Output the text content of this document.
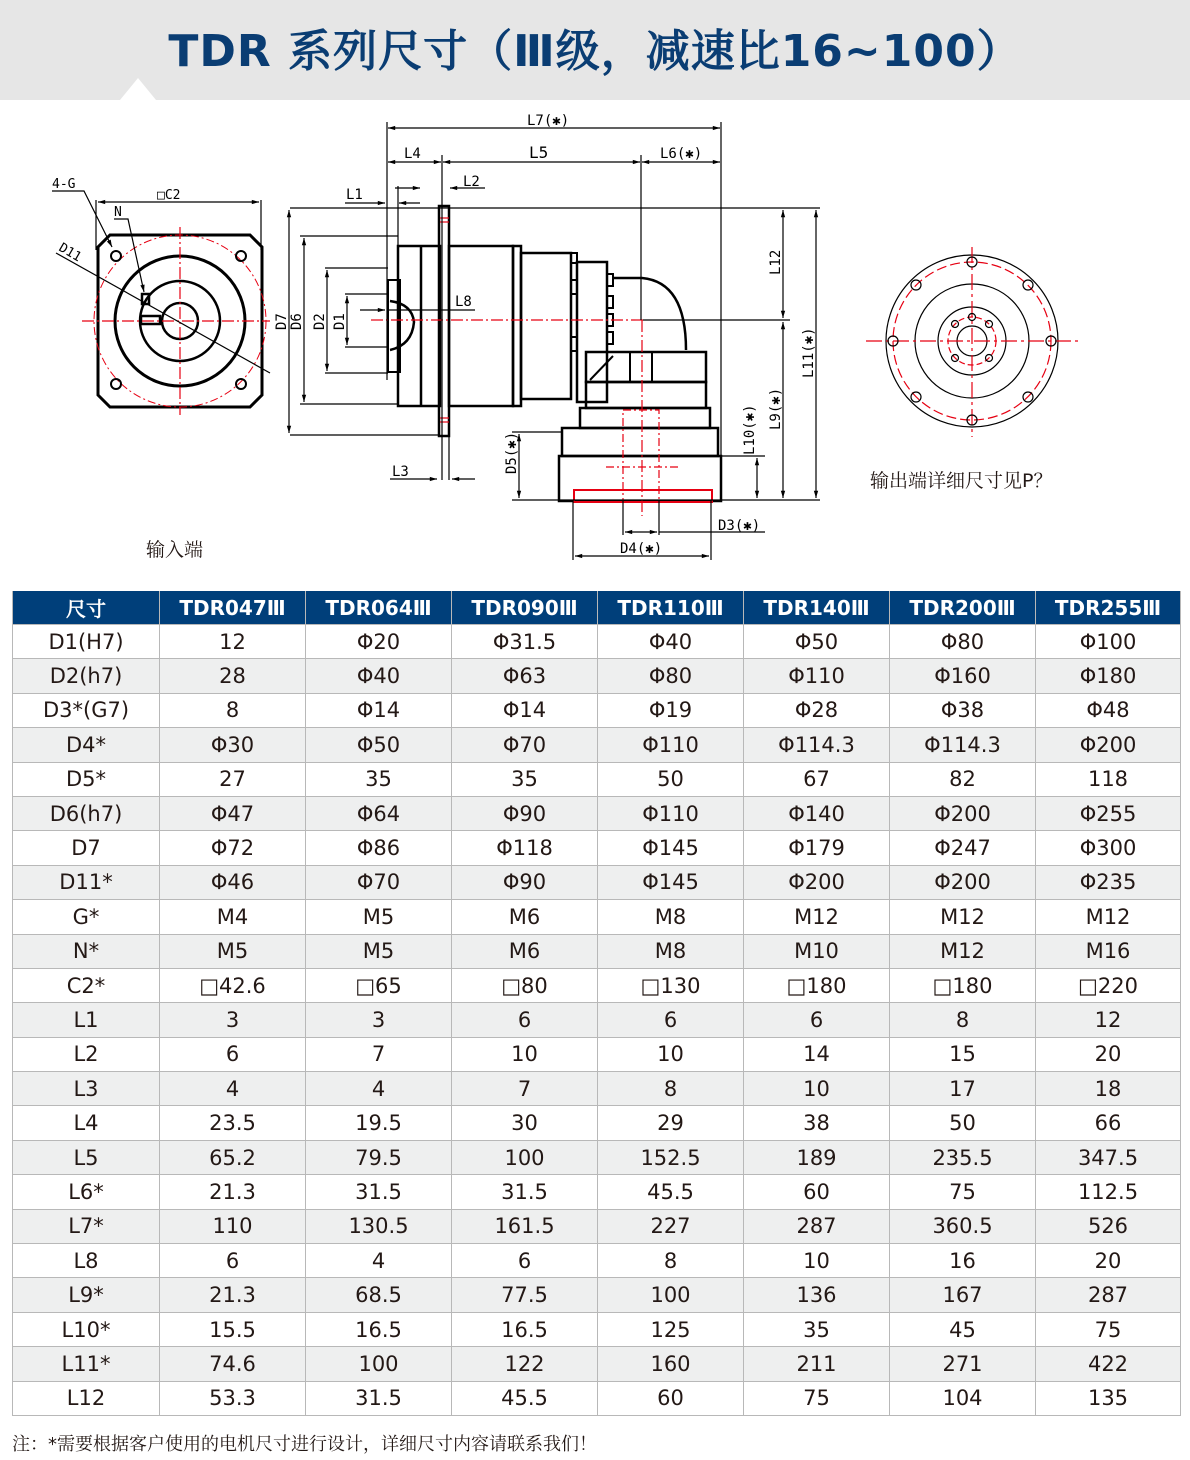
TDR 系列尺寸（Ⅲ级，减速比16~100）
4-G
N
□C2
D11
L7(✱)
L4	L5	L6(✱)
L1
L2
L8
L3
D7 D6 D2 D1
L12
L11(✱)
L9(✱)
L10(✱)
D5(✱)
D3(✱)
D4(✱)
输入端
输出端详细尺寸见P？
尺寸	TDR047Ⅲ	TDR064Ⅲ	TDR090Ⅲ	TDR110Ⅲ	TDR140Ⅲ	TDR200Ⅲ	TDR255Ⅲ
D1(H7)	12	Φ20	Φ31.5	Φ40	Φ50	Φ80	Φ100
D2(h7)	28	Φ40	Φ63	Φ80	Φ110	Φ160	Φ180
D3*(G7)	8	Φ14	Φ14	Φ19	Φ28	Φ38	Φ48
D4*	Φ30	Φ50	Φ70	Φ110	Φ114.3	Φ114.3	Φ200
D5*	27	35	35	50	67	82	118
D6(h7)	Φ47	Φ64	Φ90	Φ110	Φ140	Φ200	Φ255
D7	Φ72	Φ86	Φ118	Φ145	Φ179	Φ247	Φ300
D11*	Φ46	Φ70	Φ90	Φ145	Φ200	Φ200	Φ235
G*	M4	M5	M6	M8	M12	M12	M12
N*	M5	M5	M6	M8	M10	M12	M16
C2*	□42.6	□65	□80	□130	□180	□180	□220
L1	3	3	6	6	6	8	12
L2	6	7	10	10	14	15	20
L3	4	4	7	8	10	17	18
L4	23.5	19.5	30	29	38	50	66
L5	65.2	79.5	100	152.5	189	235.5	347.5
L6*	21.3	31.5	31.5	45.5	60	75	112.5
L7*	110	130.5	161.5	227	287	360.5	526
L8	6	4	6	8	10	16	20
L9*	21.3	68.5	77.5	100	136	167	287
L10*	15.5	16.5	16.5	125	35	45	75
L11*	74.6	100	122	160	211	271	422
L12	53.3	31.5	45.5	60	75	104	135
注：*需要根据客户使用的电机尺寸进行设计，详细尺寸内容请联系我们！
